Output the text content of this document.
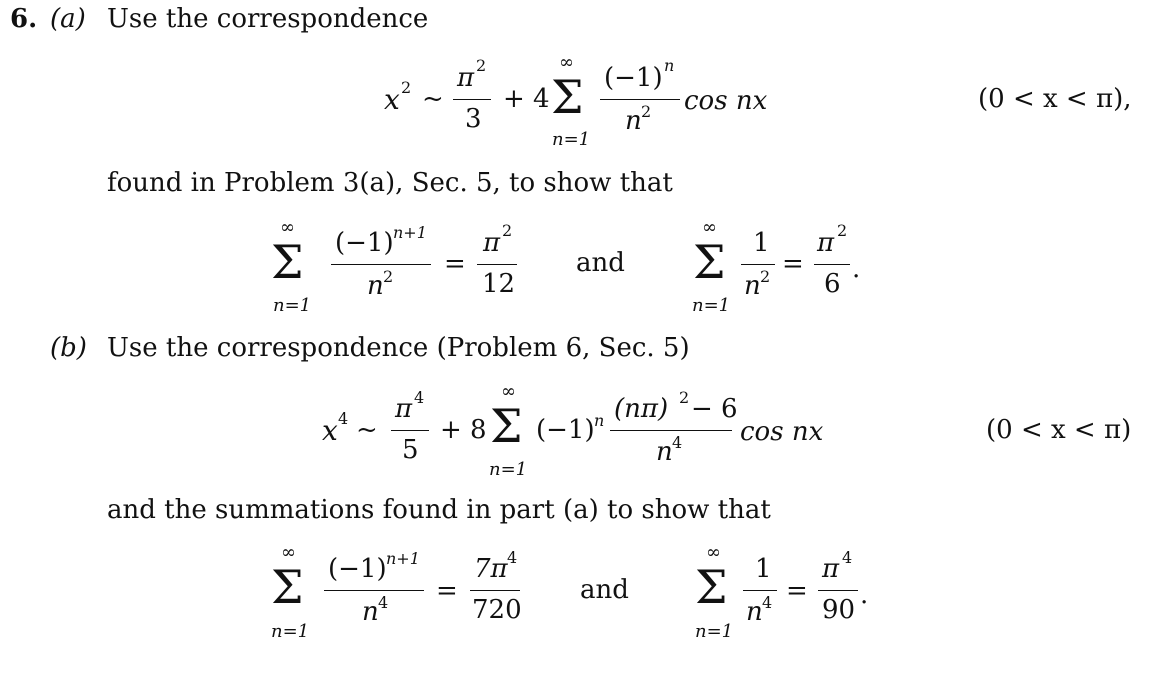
6. (a) Use the correspondence
x 2 ~
π 2
3
+ 4
∞
Σ
n=1
(−1) n
n 2 cos nx	(0 < x < π),
found in Problem 3(a), Sec. 5, to show that
∞
Σ
n=1
(−1) n+1
n 2 =
π 2
12
and
∞
Σ
n=1
1
n 2 =
π 2
6 .
(b) Use the correspondence (Problem 6, Sec. 5)
x 4 ~
π 4
5
+ 8
∞
Σ
n=1
(−1) n (nπ) 2 − 6
n 4 cos nx	(0 < x < π)
and the summations found in part (a) to show that
∞
Σ
n=1
(−1) n+1
n 4 =
7π 4
720
and
∞
Σ
n=1
1
n 4 =
π 4
90 .
